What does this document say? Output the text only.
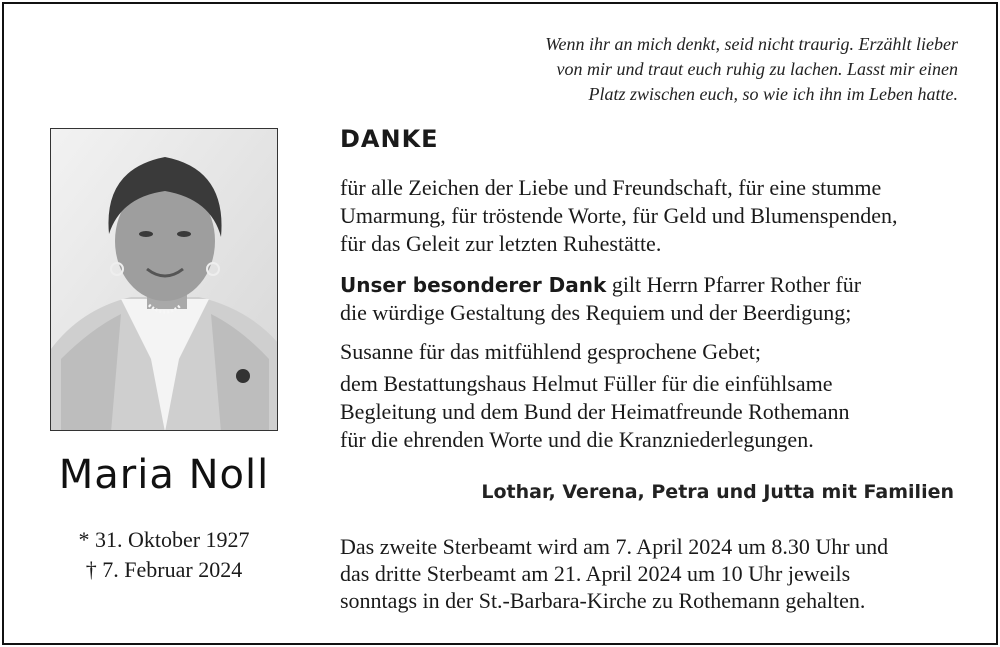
Wenn ihr an mich denkt, seid nicht traurig. Erzählt lieber
von mir und traut euch ruhig zu lachen. Lasst mir einen
Platz zwischen euch, so wie ich ihn im Leben hatte.
Maria Noll
* 31. Oktober 1927
† 7. Februar 2024
DANKE
für alle Zeichen der Liebe und Freundschaft, für eine stumme
Umarmung, für tröstende Worte, für Geld und Blumenspenden,
für das Geleit zur letzten Ruhestätte.
Unser besonderer Dank gilt Herrn Pfarrer Rother für
die würdige Gestaltung des Requiem und der Beerdigung;
Susanne für das mitfühlend gesprochene Gebet;
dem Bestattungshaus Helmut Füller für die einfühlsame
Begleitung und dem Bund der Heimatfreunde Rothemann
für die ehrenden Worte und die Kranzniederlegungen.
Lothar, Verena, Petra und Jutta mit Familien
Das zweite Sterbeamt wird am 7. April 2024 um 8.30 Uhr und
das dritte Sterbeamt am 21. April 2024 um 10 Uhr jeweils
sonntags in der St.-Barbara-Kirche zu Rothemann gehalten.
